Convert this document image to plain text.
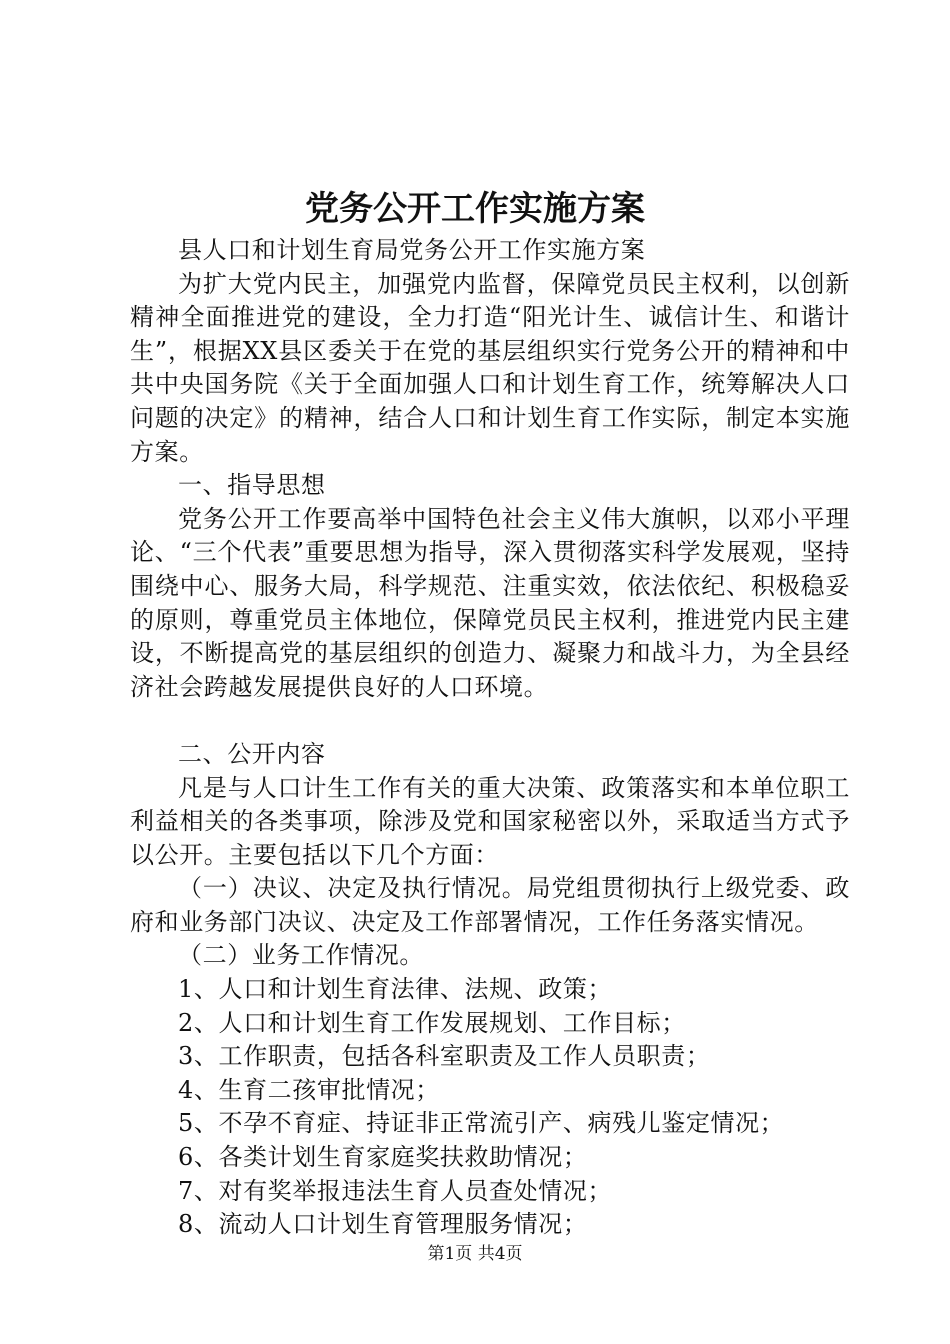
党务公开工作实施方案

县人口和计划生育局党务公开工作实施方案

为扩大党内民主，加强党内监督，保障党员民主权利，以创新精神全面推进党的建设，全力打造“阳光计生、诚信计生、和谐计生”，根据XX县区委关于在党的基层组织实行党务公开的精神和中共中央国务院《关于全面加强人口和计划生育工作，统筹解决人口问题的决定》的精神，结合人口和计划生育工作实际，制定本实施方案。

一、指导思想

党务公开工作要高举中国特色社会主义伟大旗帜，以邓小平理论、“三个代表”重要思想为指导，深入贯彻落实科学发展观，坚持围绕中心、服务大局，科学规范、注重实效，依法依纪、积极稳妥的原则，尊重党员主体地位，保障党员民主权利，推进党内民主建设，不断提高党的基层组织的创造力、凝聚力和战斗力，为全县经济社会跨越发展提供良好的人口环境。

二、公开内容

凡是与人口计生工作有关的重大决策、政策落实和本单位职工利益相关的各类事项，除涉及党和国家秘密以外，采取适当方式予以公开。主要包括以下几个方面：

（一）决议、决定及执行情况。局党组贯彻执行上级党委、政府和业务部门决议、决定及工作部署情况，工作任务落实情况。

（二）业务工作情况。

1、人口和计划生育法律、法规、政策；

2、人口和计划生育工作发展规划、工作目标；

3、工作职责，包括各科室职责及工作人员职责；

4、生育二孩审批情况；

5、不孕不育症、持证非正常流引产、病残儿鉴定情况；

6、各类计划生育家庭奖扶救助情况；

7、对有奖举报违法生育人员查处情况；

8、流动人口计划生育管理服务情况；

第1页 共4页
